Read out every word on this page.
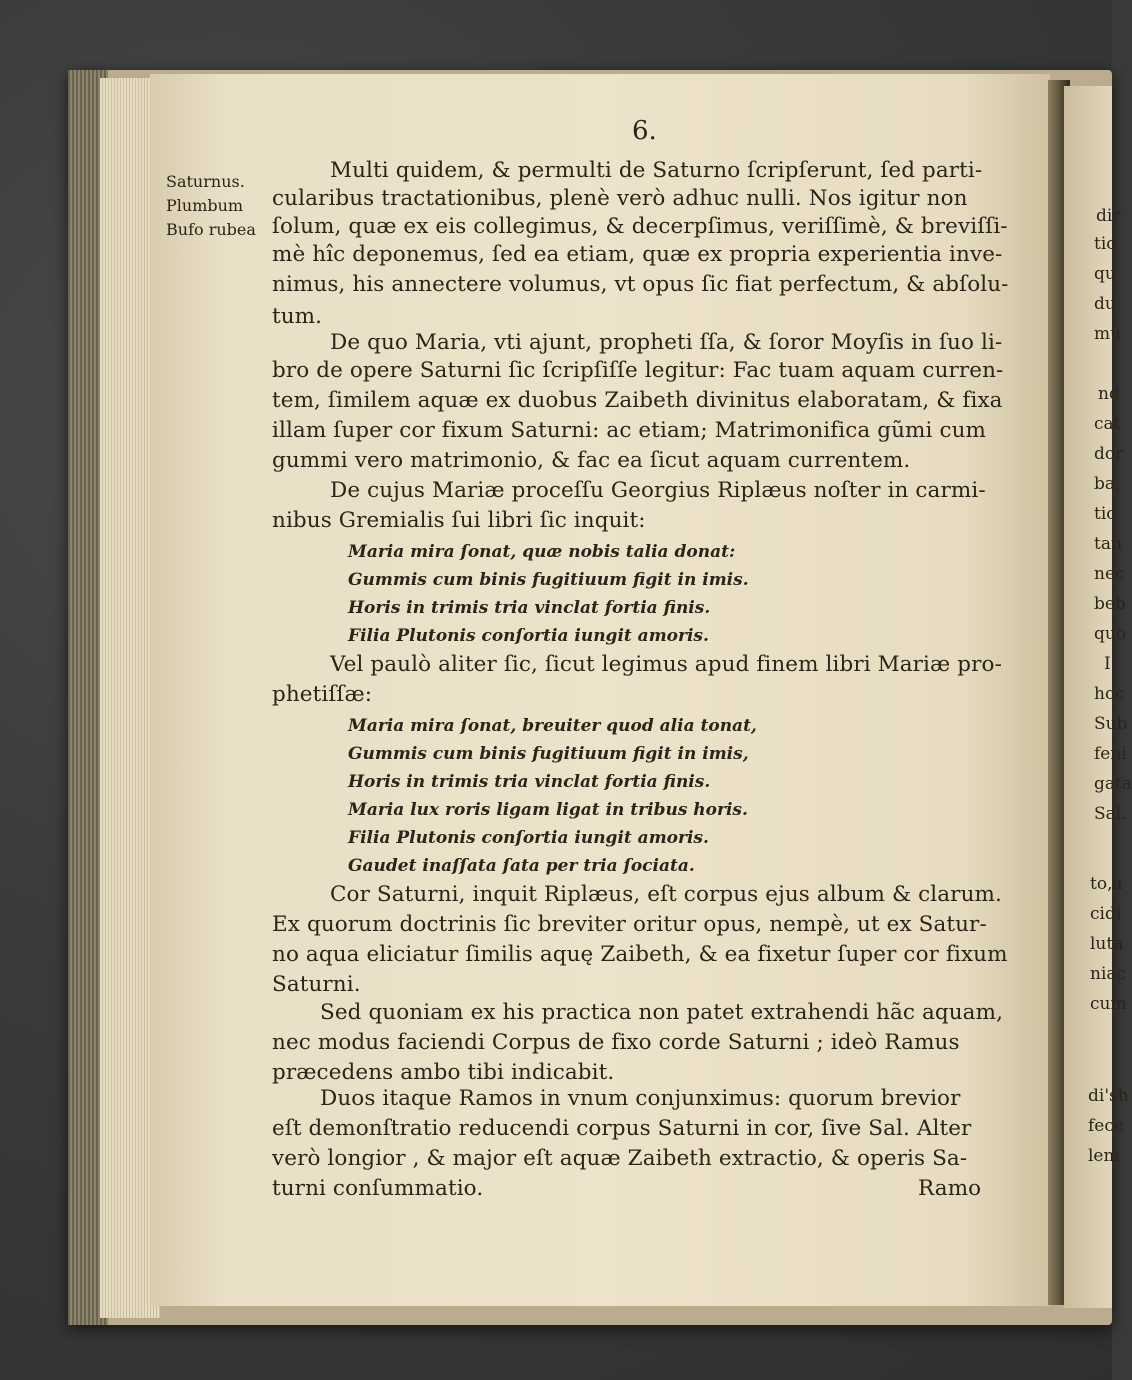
dir
tio
qu
du
mu
nd
cat
dor
ba,
tio
tan
nec
beb
quo
I
hoc
Sub
feni
gata
Sal.
to,a
cidi
luta
niac
cum
di'sh
fece
lem
6.
Saturnus.
Plumbum
Bufo rubea
Multi quidem, & permulti de Saturno ſcripſerunt, ſed parti-
cularibus tractationibus, plenè verò adhuc nulli. Nos igitur non
ſolum, quæ ex eis collegimus, & decerpſimus, veriſſimè, & breviſſi-
mè hîc deponemus, ſed ea etiam, quæ ex propria experientia inve-
nimus, his annectere volumus, vt opus ſic fiat perfectum, & abſolu-
tum.
De quo Maria, vti ajunt, propheti ſſa, & ſoror Moyſis in ſuo li-
bro de opere Saturni ſic ſcripſiſſe legitur: Fac tuam aquam curren-
tem, ſimilem aquæ ex duobus Zaibeth divinitus elaboratam, & fixa
illam ſuper cor fixum Saturni: ac etiam; Matrimonifica gũmi cum
gummi vero matrimonio, & fac ea ſicut aquam currentem.
De cujus Mariæ proceſſu Georgius Riplæus noſter in carmi-
nibus Gremialis ſui libri ſic inquit:
Maria mira ſonat, quæ nobis talia donat:
Gummis cum binis fugitiuum figit in imis.
Horis in trimis tria vinclat fortia finis.
Filia Plutonis conſortia iungit amoris.
Vel paulò aliter ſic, ſicut legimus apud finem libri Mariæ pro-
phetiſſæ:
Maria mira ſonat, breuiter quod alia tonat,
Gummis cum binis fugitiuum figit in imis,
Horis in trimis tria vinclat fortia finis.
Maria lux roris ligam ligat in tribus horis.
Filia Plutonis conſortia iungit amoris.
Gaudet inaſſata ſata per tria ſociata.
Cor Saturni, inquit Riplæus, eſt corpus ejus album & clarum.
Ex quorum doctrinis ſic breviter oritur opus, nempè, ut ex Satur-
no aqua eliciatur ſimilis aquę Zaibeth, & ea fixetur ſuper cor fixum
Saturni.
Sed quoniam ex his practica non patet extrahendi hãc aquam,
nec modus faciendi Corpus de fixo corde Saturni ; ideò Ramus
præcedens ambo tibi indicabit.
Duos itaque Ramos in vnum conjunximus: quorum brevior
eſt demonſtratio reducendi corpus Saturni in cor, ſive Sal. Alter
verò longior , & major eſt aquæ Zaibeth extractio, & operis Sa-
turni conſummatio.	Ramo
